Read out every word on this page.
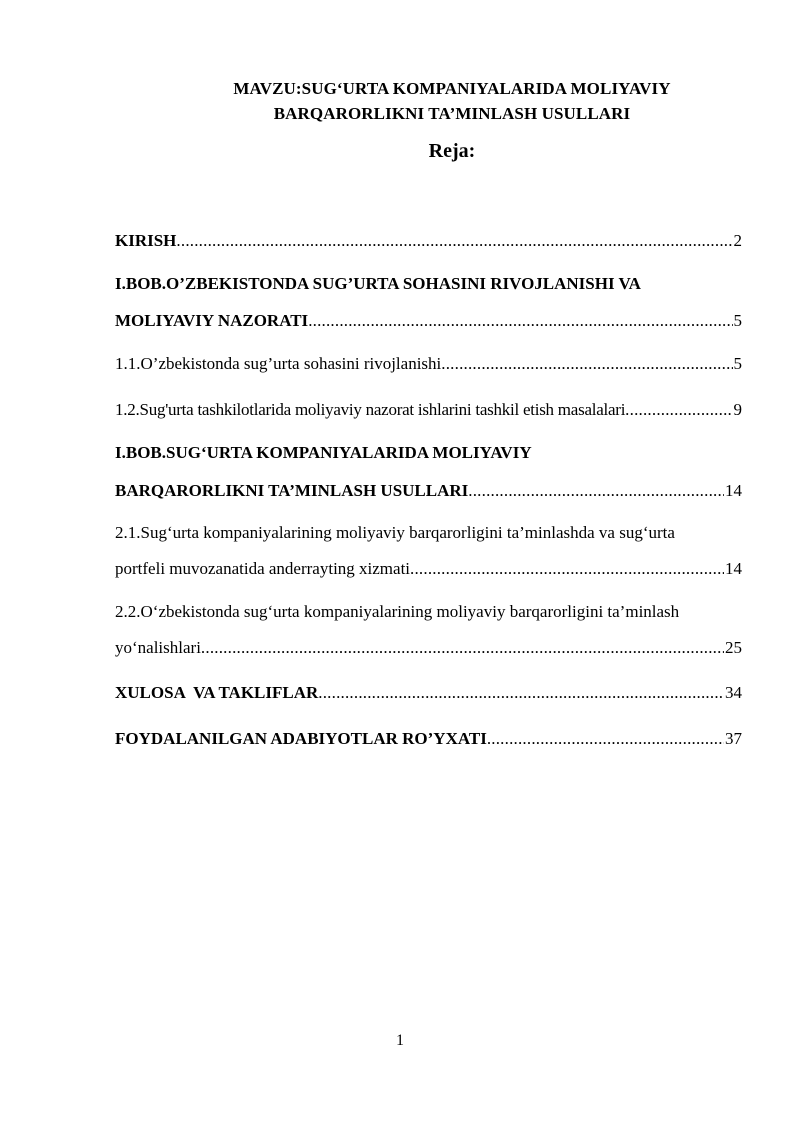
MAVZU:SUG‘URTA KOMPANIYALARIDA MOLIYAVIY
BARQARORLIKNI TA’MINLASH USULLARI
Reja:
KIRISH .....	2
I.BOB.O’ZBEKISTONDA SUG’URTA SOHASINI RIVOJLANISHI VA
MOLIYAVIY NAZORATI .....	5
1.1.O’zbekistonda sug’urta sohasini rivojlanishi .....	5
1.2.Sug'urta tashkilotlarida moliyaviy nazorat ishlarini tashkil etish masalalari .....	9
I.BOB.SUG‘URTA KOMPANIYALARIDA MOLIYAVIY
BARQARORLIKNI TA’MINLASH USULLARI .....	14
2.1.Sug‘urta kompaniyalarining moliyaviy barqarorligini ta’minlashda va sug‘urta
portfeli muvozanatida anderrayting xizmati .....	14
2.2.O‘zbekistonda sug‘urta kompaniyalarining moliyaviy barqarorligini ta’minlash
yo‘nalishlari .....	25
XULOSA  VA TAKLIFLAR .....	34
FOYDALANILGAN ADABIYOTLAR RO’YXATI .....	37
1
